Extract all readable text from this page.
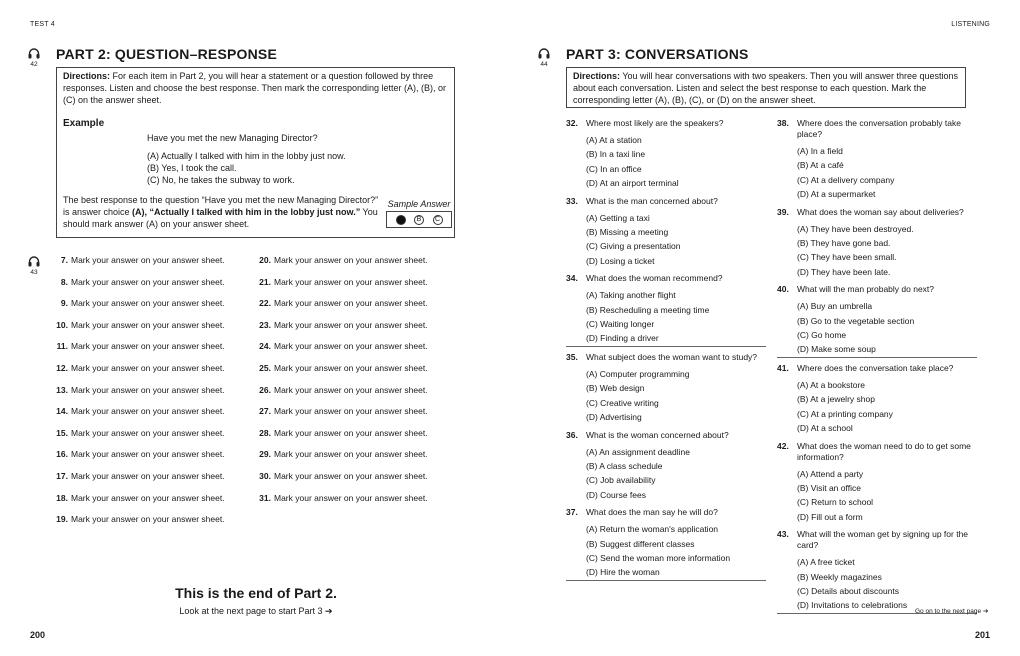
TEST 4	LISTENING
42
PART 2: QUESTION–RESPONSE
Directions: For each item in Part 2, you will hear a statement or a question followed by three responses. Listen and choose the best response. Then mark the corresponding letter (A), (B), or (C) on the answer sheet.
Example
Have you met the new Managing Director?
(A) Actually I talked with him in the lobby just now.
(B) Yes, I took the call.
(C) No, he takes the subway to work.
The best response to the question “Have you met the new Managing Director?” is answer choice (A), “Actually I talked with him in the lobby just now.” You should mark answer (A) on your answer sheet.
Sample Answer
B	C
43
7. Mark your answer on your answer sheet.
8. Mark your answer on your answer sheet.
9. Mark your answer on your answer sheet.
10. Mark your answer on your answer sheet.
11. Mark your answer on your answer sheet.
12. Mark your answer on your answer sheet.
13. Mark your answer on your answer sheet.
14. Mark your answer on your answer sheet.
15. Mark your answer on your answer sheet.
16. Mark your answer on your answer sheet.
17. Mark your answer on your answer sheet.
18. Mark your answer on your answer sheet.
19. Mark your answer on your answer sheet.
20. Mark your answer on your answer sheet.
21. Mark your answer on your answer sheet.
22. Mark your answer on your answer sheet.
23. Mark your answer on your answer sheet.
24. Mark your answer on your answer sheet.
25. Mark your answer on your answer sheet.
26. Mark your answer on your answer sheet.
27. Mark your answer on your answer sheet.
28. Mark your answer on your answer sheet.
29. Mark your answer on your answer sheet.
30. Mark your answer on your answer sheet.
31. Mark your answer on your answer sheet.
This is the end of Part 2.
Look at the next page to start Part 3 ➔
200
44
PART 3: CONVERSATIONS
Directions: You will hear conversations with two speakers. Then you will answer three questions about each conversation. Listen and select the best response to each question. Mark the corresponding letter (A), (B), (C), or (D) on the answer sheet.
32. Where most likely are the speakers?
(A) At a station
(B) In a taxi line
(C) In an office
(D) At an airport terminal
33. What is the man concerned about?
(A) Getting a taxi
(B) Missing a meeting
(C) Giving a presentation
(D) Losing a ticket
34. What does the woman recommend?
(A) Taking another flight
(B) Rescheduling a meeting time
(C) Waiting longer
(D) Finding a driver
35. What subject does the woman want to study?
(A) Computer programming
(B) Web design
(C) Creative writing
(D) Advertising
36. What is the woman concerned about?
(A) An assignment deadline
(B) A class schedule
(C) Job availability
(D) Course fees
37. What does the man say he will do?
(A) Return the woman's application
(B) Suggest different classes
(C) Send the woman more information
(D) Hire the woman
38. Where does the conversation probably take place?
(A) In a field
(B) At a café
(C) At a delivery company
(D) At a supermarket
39. What does the woman say about deliveries?
(A) They have been destroyed.
(B) They have gone bad.
(C) They have been small.
(D) They have been late.
40. What will the man probably do next?
(A) Buy an umbrella
(B) Go to the vegetable section
(C) Go home
(D) Make some soup
41. Where does the conversation take place?
(A) At a bookstore
(B) At a jewelry shop
(C) At a printing company
(D) At a school
42. What does the woman need to do to get some information?
(A) Attend a party
(B) Visit an office
(C) Return to school
(D) Fill out a form
43. What will the woman get by signing up for the card?
(A) A free ticket
(B) Weekly magazines
(C) Details about discounts
(D) Invitations to celebrations
Go on to the next page ➔
201
